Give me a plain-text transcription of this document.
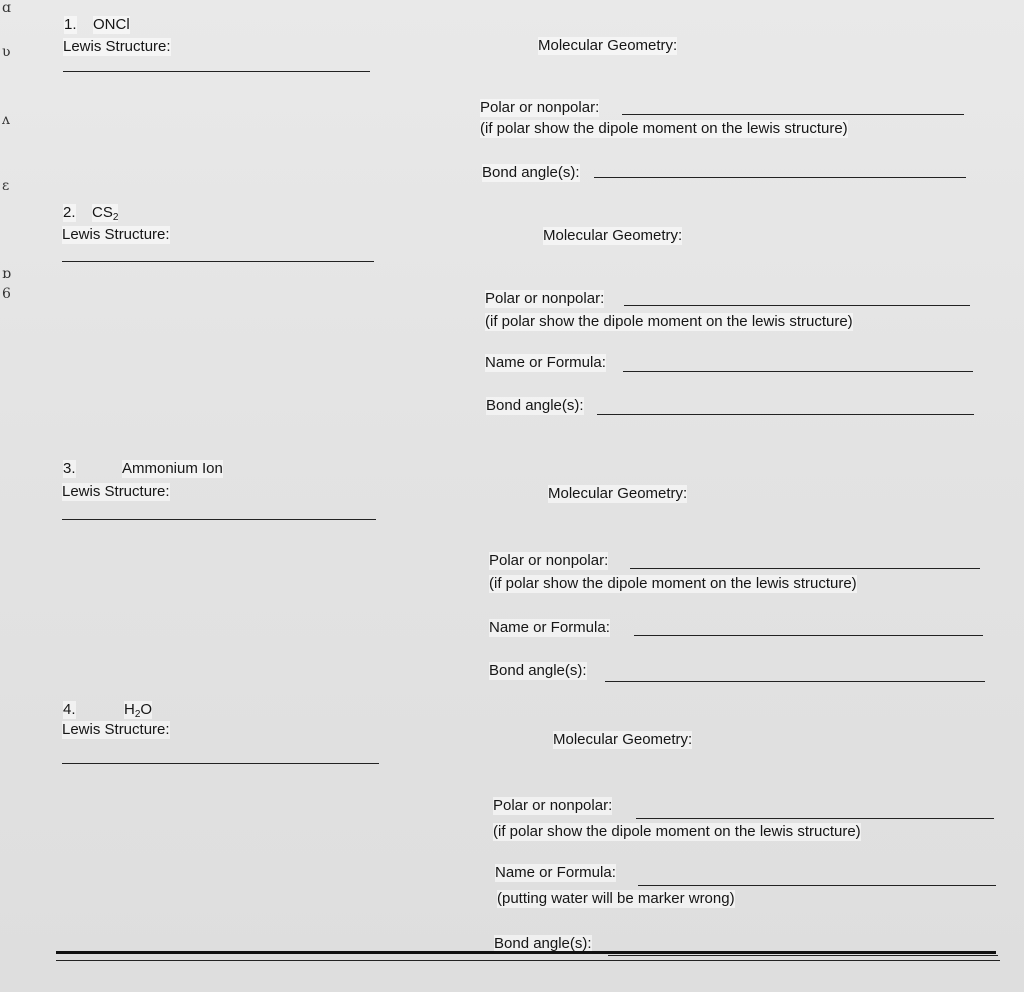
ɑ
ʋ
ʌ
ɛ
ɒ
6
1. ONCl
Lewis Structure:	Molecular Geometry:
Polar or nonpolar:
(if polar show the dipole moment on the lewis structure)
Bond angle(s):
2. $CS_2$
Lewis Structure:	Molecular Geometry:
Polar or nonpolar:
(if polar show the dipole moment on the lewis structure)
Name or Formula:
Bond angle(s):
3.	Ammonium Ion
Lewis Structure:	Molecular Geometry:
Polar or nonpolar:
(if polar show the dipole moment on the lewis structure)
Name or Formula:
Bond angle(s):
4.	$H_2O$
Lewis Structure:
Molecular Geometry:
Polar or nonpolar:
(if polar show the dipole moment on the lewis structure)
Name or Formula:
(putting water will be marker wrong)
Bond angle(s):
